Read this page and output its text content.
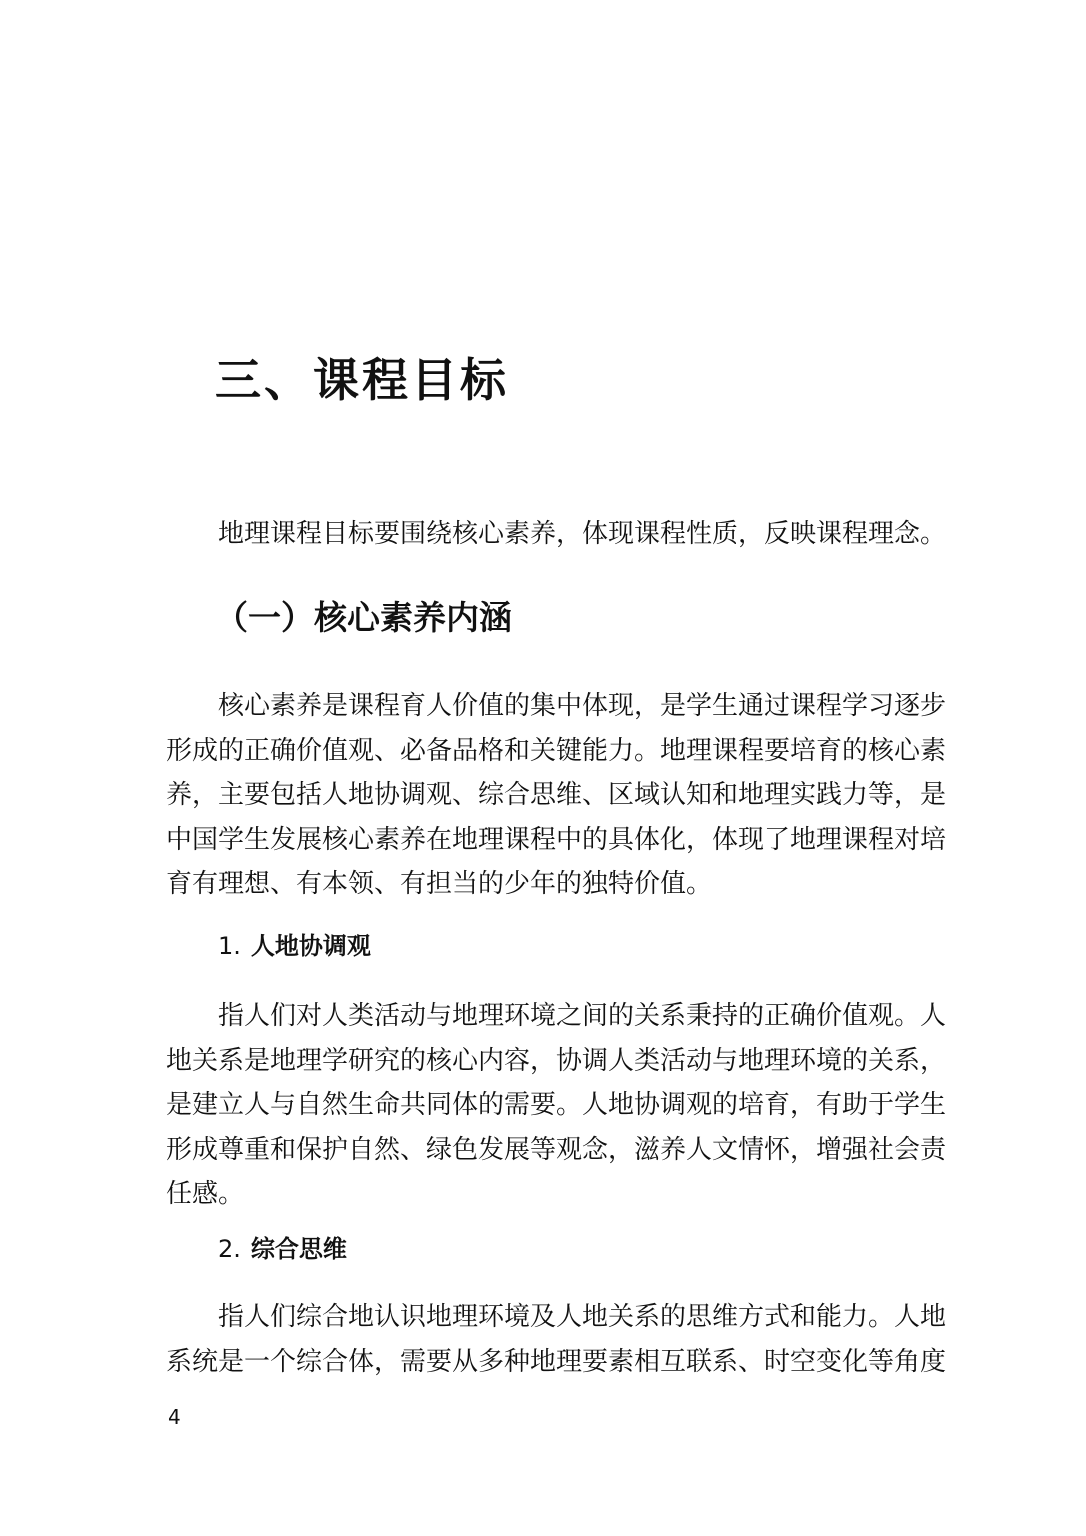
三、课程目标

地理课程目标要围绕核心素养，体现课程性质，反映课程理念。

（一）核心素养内涵

核心素养是课程育人价值的集中体现，是学生通过课程学习逐步
形成的正确价值观、必备品格和关键能力。地理课程要培育的核心素
养，主要包括人地协调观、综合思维、区域认知和地理实践力等，是
中国学生发展核心素养在地理课程中的具体化，体现了地理课程对培
育有理想、有本领、有担当的少年的独特价值。

1. 人地协调观

指人们对人类活动与地理环境之间的关系秉持的正确价值观。人
地关系是地理学研究的核心内容，协调人类活动与地理环境的关系，
是建立人与自然生命共同体的需要。人地协调观的培育，有助于学生
形成尊重和保护自然、绿色发展等观念，滋养人文情怀，增强社会责
任感。

2. 综合思维

指人们综合地认识地理环境及人地关系的思维方式和能力。人地
系统是一个综合体，需要从多种地理要素相互联系、时空变化等角度

4
